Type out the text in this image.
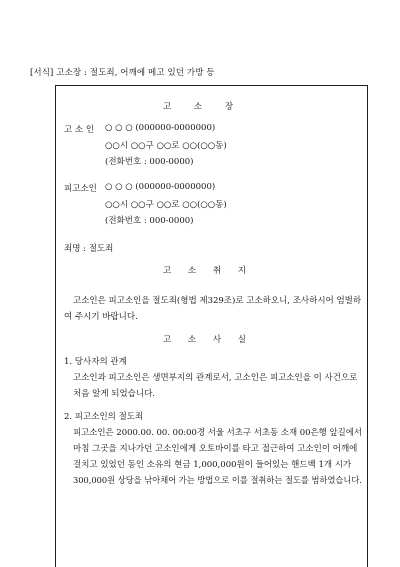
[서식] 고소장 : 절도죄, 어깨에 메고 있던 가방 등
고 소 장
고 소 인 ○ ○ ○ (000000-0000000)
○○시 ○○구 ○○로 ○○(○○동)
(전화번호 : 000-0000)
피고소인 ○ ○ ○ (000000-0000000)
○○시 ○○구 ○○로 ○○(○○동)
(전화번호 : 000-0000)
죄명 : 절도죄
고 소 취 지
고소인은 피고소인을 절도죄(형법 제329조)로 고소하오니, 조사하시어 엄벌하
여 주시기 바랍니다.
고 소 사 실
1. 당사자의 관계
고소인과 피고소인은 생면부지의 관계로서, 고소인은 피고소인을 이 사건으로
처음 알게 되었습니다.
2. 피고소인의 절도죄
피고소인은 2000.00. 00. 00:00경 서울 서초구 서초동 소재 00은행 앞길에서
마침 그곳을 지나가던 고소인에게 오토바이를 타고 접근하여 고소인이 어깨에
걸치고 있었던 동인 소유의 현금 1,000,000원이 들어있는 핸드백 1개 시가
300,000원 상당을 낚아채어 가는 방법으로 이를 절취하는 절도를 범하였습니다.
